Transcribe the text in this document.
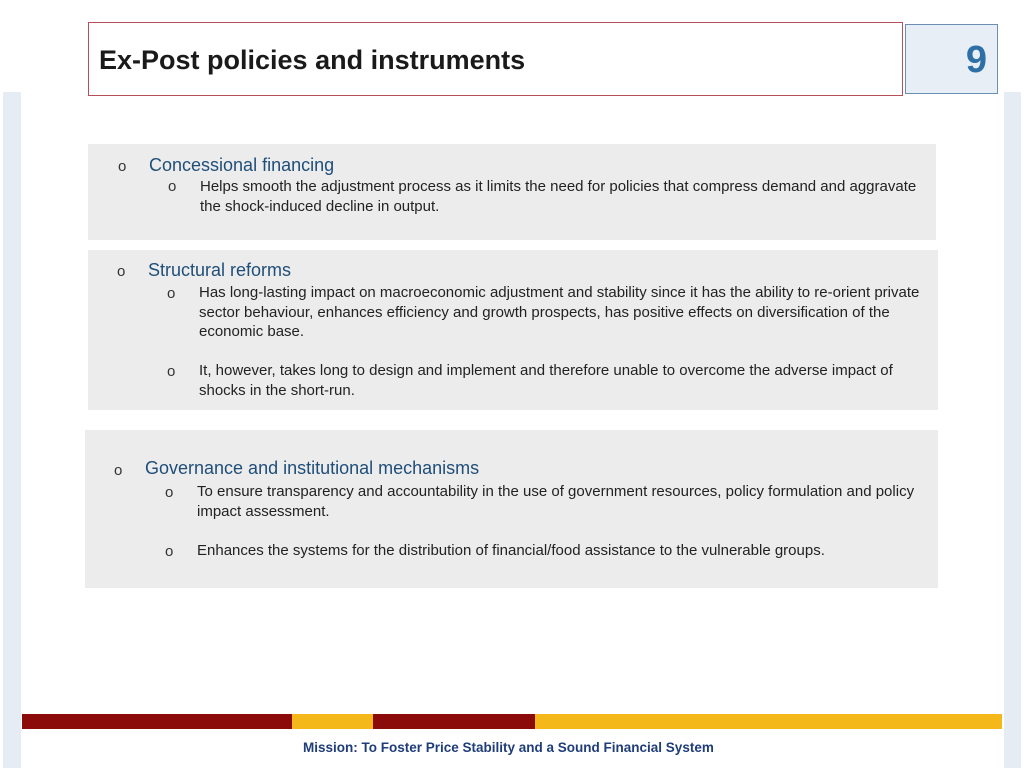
Ex-Post policies and instruments	9
o Concessional financing
o Helps smooth the adjustment process as it limits the need for policies that compress demand and aggravate the shock-induced decline in output.
o Structural reforms
o Has long-lasting impact on macroeconomic adjustment and stability since it has the ability to re-orient private sector behaviour, enhances efficiency and growth prospects, has positive effects on diversification of the economic base.
o It, however, takes long to design and implement and therefore unable to overcome the adverse impact of shocks in the short-run.
o Governance and institutional mechanisms
o To ensure transparency and accountability in the use of government resources, policy formulation and policy impact assessment.
o Enhances the systems for the distribution of financial/food assistance to the vulnerable groups.
Mission: To Foster Price Stability and a Sound Financial System
